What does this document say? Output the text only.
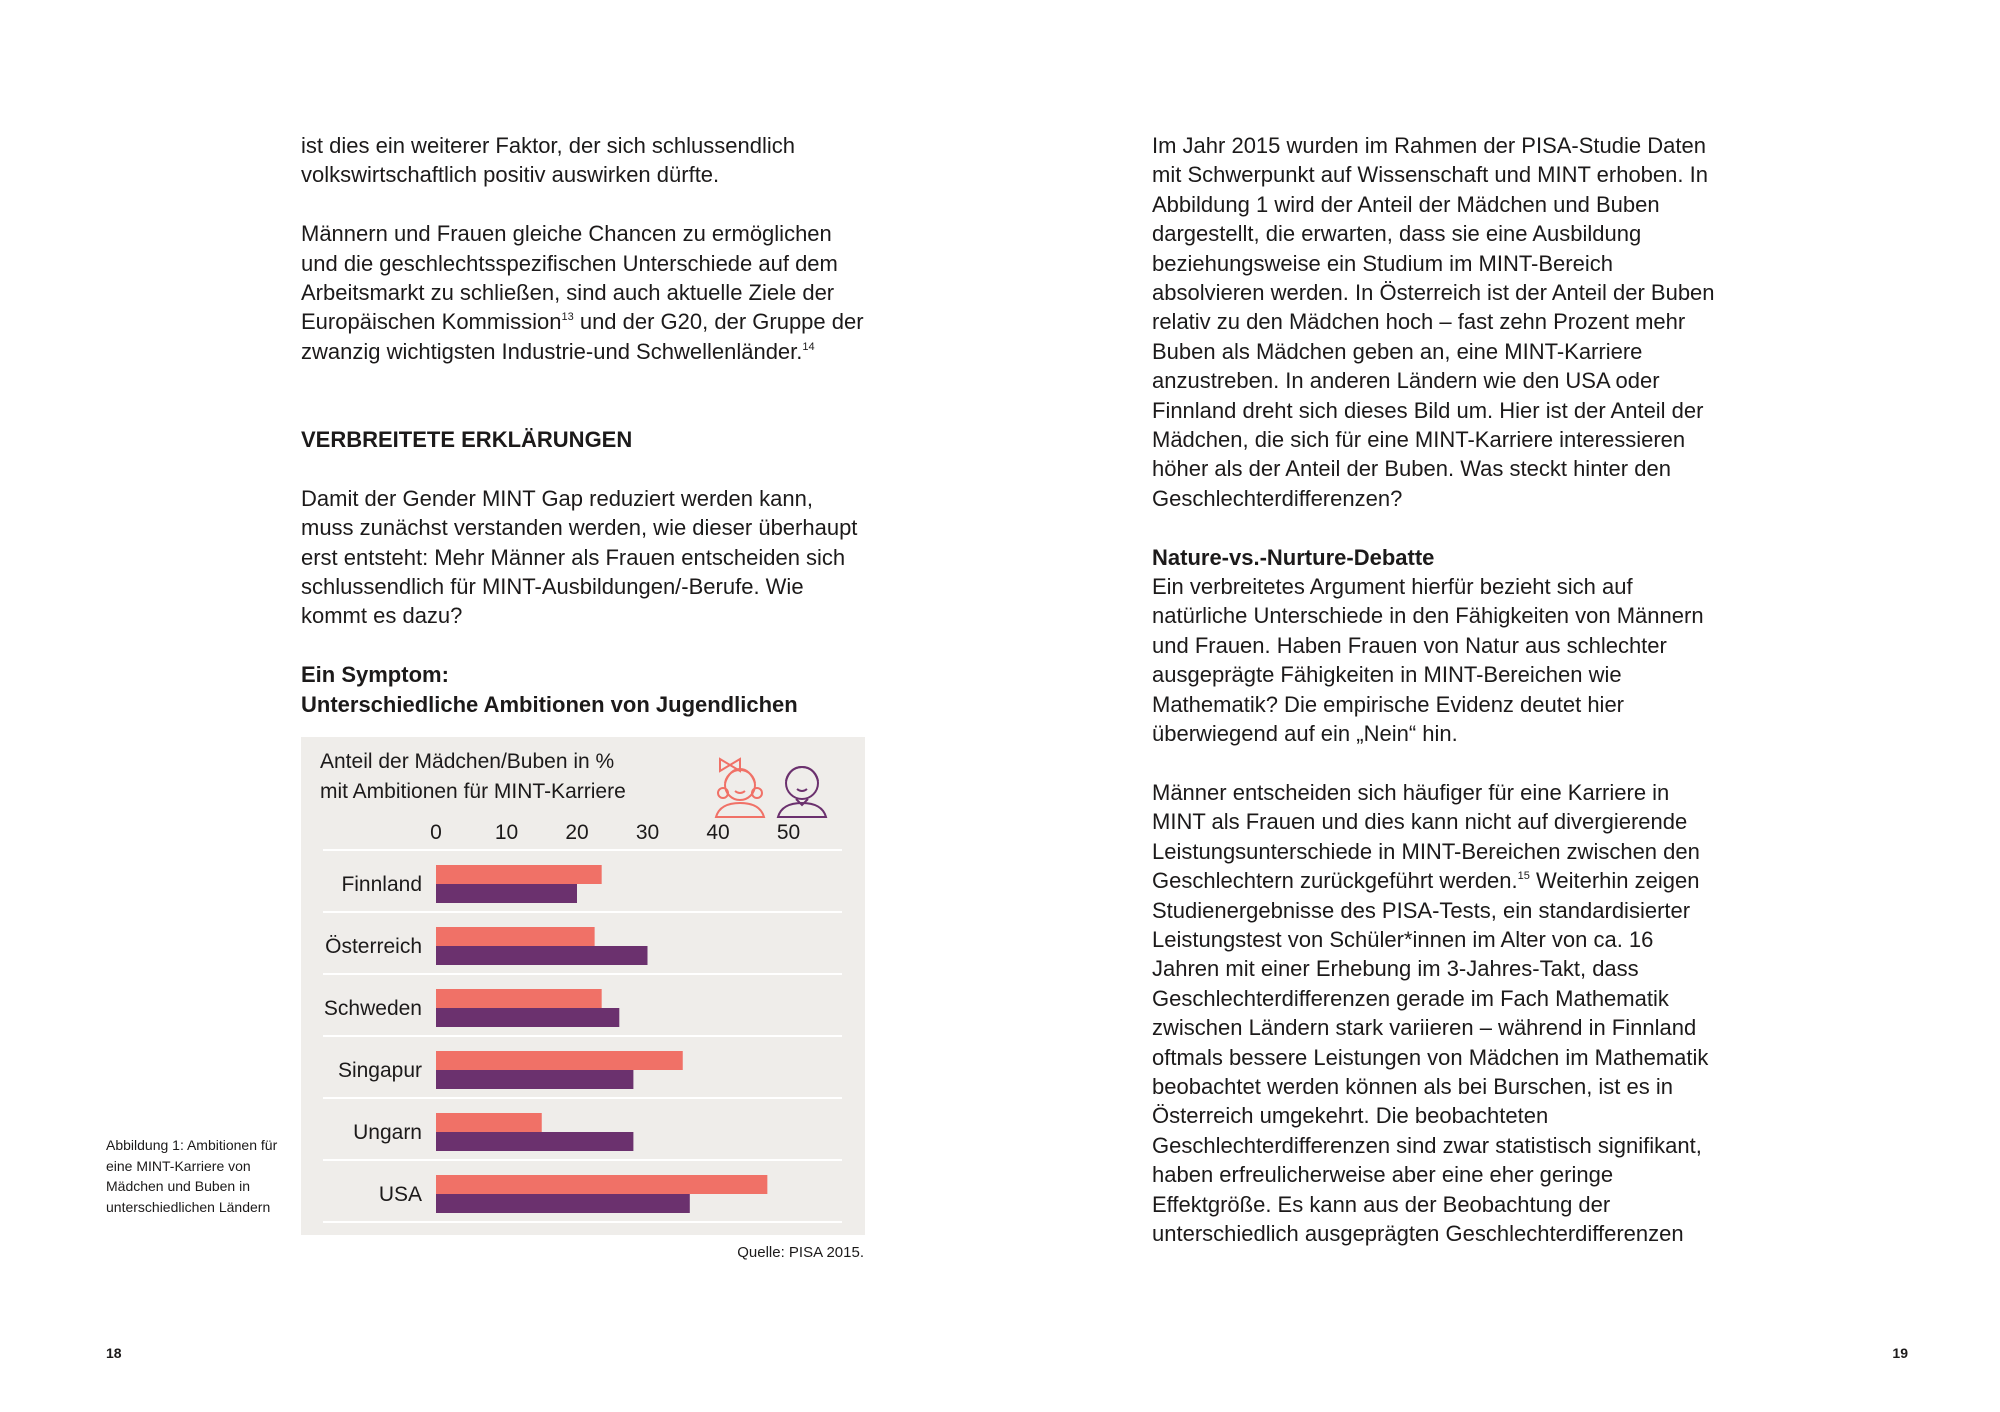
ist dies ein weiterer Faktor, der sich schlussendlich volkswirtschaftlich positiv auswirken dürfte.

Männern und Frauen gleiche Chancen zu ermöglichen und die geschlechtsspezifischen Unterschiede auf dem Arbeitsmarkt zu schließen, sind auch aktuelle Ziele der Europäischen Kommission$^{13}$ und der G20, der Gruppe der zwanzig wichtigsten Industrie-und Schwellenländer.$^{14}$

VERBREITETE ERKLÄRUNGEN

Damit der Gender MINT Gap reduziert werden kann, muss zunächst verstanden werden, wie dieser überhaupt erst entsteht: Mehr Männer als Frauen entscheiden sich schlussendlich für MINT-Ausbildungen/-Berufe. Wie kommt es dazu?

Ein Symptom:

Unterschiedliche Ambitionen von Jugendlichen

Anteil der Mädchen/Buben in %
mit Ambitionen für MINT-Karriere
0	10 20 30 40 50
Finnland
Österreich
Schweden
Singapur
Ungarn
USA
Abbildung 1: Ambitionen für eine MINT-Karriere von Mädchen und Buben in unterschiedlichen Ländern
Quelle: PISA 2015.

Im Jahr 2015 wurden im Rahmen der PISA-Studie Daten mit Schwerpunkt auf Wissenschaft und MINT erhoben. In Abbildung 1 wird der Anteil der Mädchen und Buben dargestellt, die erwarten, dass sie eine Ausbildung beziehungsweise ein Studium im MINT-Bereich absolvieren werden. In Österreich ist der Anteil der Buben relativ zu den Mädchen hoch – fast zehn Prozent mehr Buben als Mädchen geben an, eine MINT-Karriere anzustreben. In anderen Ländern wie den USA oder Finnland dreht sich dieses Bild um. Hier ist der Anteil der Mädchen, die sich für eine MINT-Karriere interessieren höher als der Anteil der Buben. Was steckt hinter den Geschlechterdifferenzen?

Nature-vs.-Nurture-Debatte

Ein verbreitetes Argument hierfür bezieht sich auf natürliche Unterschiede in den Fähigkeiten von Männern und Frauen. Haben Frauen von Natur aus schlechter ausgeprägte Fähigkeiten in MINT-Bereichen wie Mathematik? Die empirische Evidenz deutet hier überwiegend auf ein „Nein“ hin.

Männer entscheiden sich häufiger für eine Karriere in MINT als Frauen und dies kann nicht auf divergierende Leistungsunterschiede in MINT-Bereichen zwischen den Geschlechtern zurückgeführt werden.$^{15}$ Weiterhin zeigen Studienergebnisse des PISA-Tests, ein standardisierter Leistungstest von Schüler*innen im Alter von ca. 16 Jahren mit einer Erhebung im 3-Jahres-Takt, dass Geschlechterdifferenzen gerade im Fach Mathematik zwischen Ländern stark variieren – während in Finnland oftmals bessere Leistungen von Mädchen im Mathematik beobachtet werden können als bei Burschen, ist es in Österreich umgekehrt. Die beobachteten Geschlechterdifferenzen sind zwar statistisch signifikant, haben erfreulicherweise aber eine eher geringe Effektgröße. Es kann aus der Beobachtung der unterschiedlich ausgeprägten Geschlechterdifferenzen

18	19
